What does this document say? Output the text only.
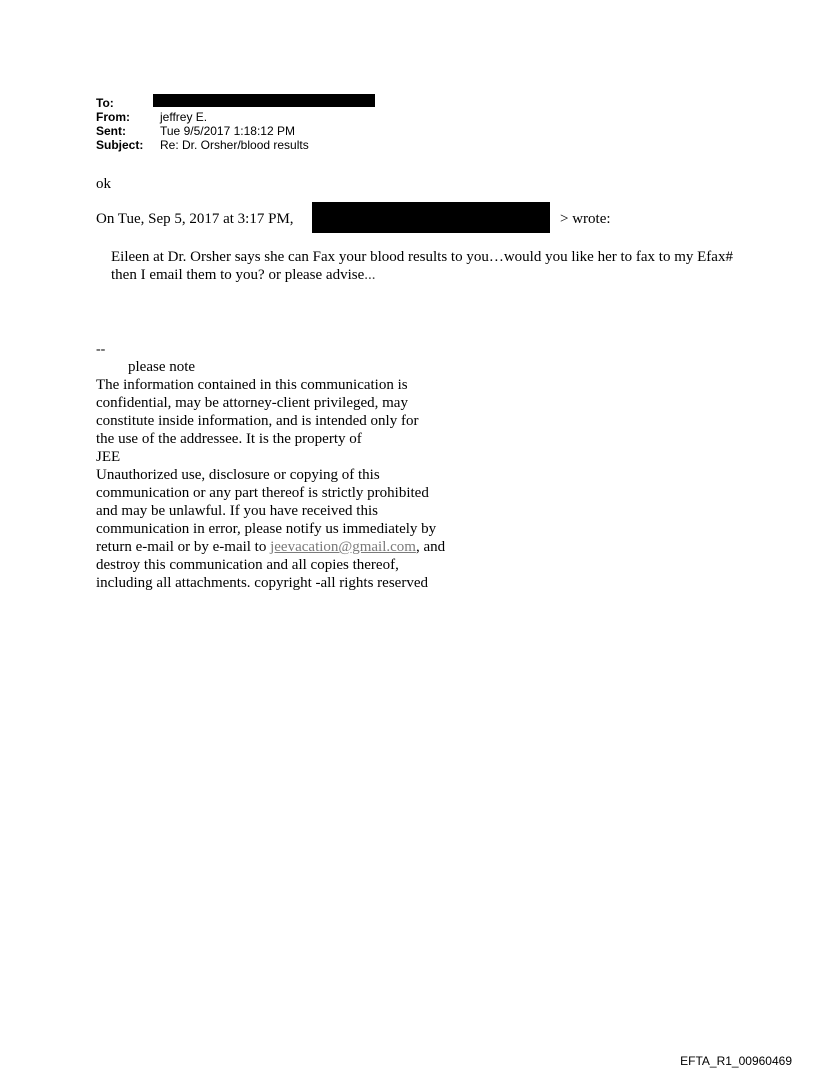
To:
From:	jeffrey E.
Sent:	Tue 9/5/2017 1:18:12 PM
Subject:	Re: Dr. Orsher/blood results
ok
On Tue, Sep 5, 2017 at 3:17 PM,	> wrote:
Eileen at Dr. Orsher says she can Fax your blood results to you…would you like her to fax to my Efax# then I email them to you? or please advise...
--
please note
The information contained in this communication is
confidential, may be attorney-client privileged, may
constitute inside information, and is intended only for
the use of the addressee. It is the property of
JEE
Unauthorized use, disclosure or copying of this
communication or any part thereof is strictly prohibited
and may be unlawful. If you have received this
communication in error, please notify us immediately by
return e-mail or by e-mail to jeevacation@gmail.com, and
destroy this communication and all copies thereof,
including all attachments. copyright -all rights reserved
EFTA_R1_00960469
